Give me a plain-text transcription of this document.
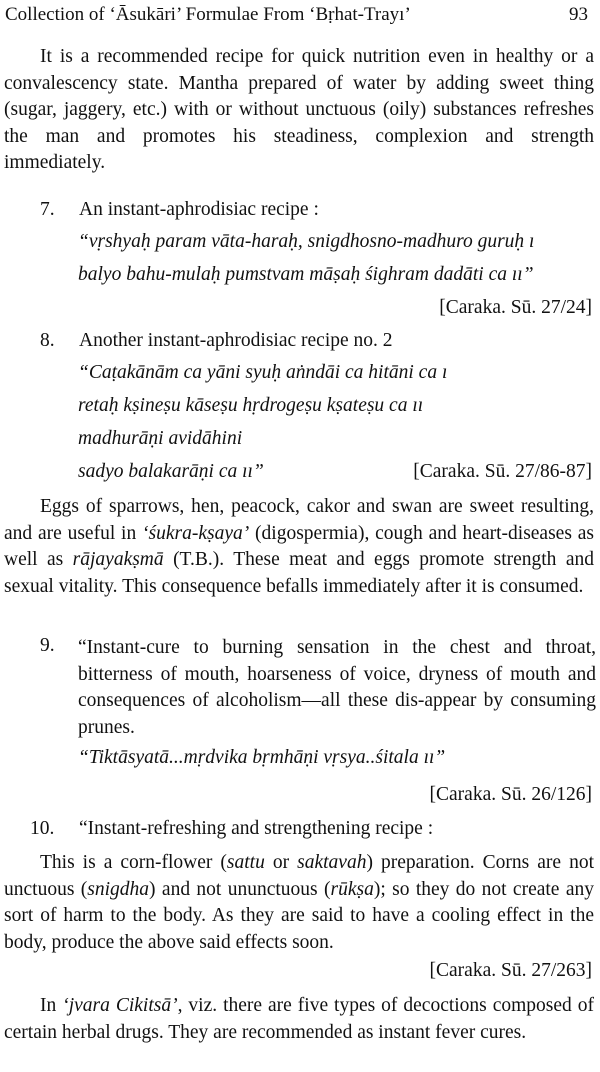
Collection of ‘Āsukāri’ Formulae From ‘Bṛhat-Trayı’	93

It is a recommended recipe for quick nutrition even in healthy or a convalescency state. Mantha prepared of water by adding sweet thing (sugar, jaggery, etc.) with or without unctuous (oily) substances refreshes the man and promotes his steadiness, complexion and strength immediately.

7. An instant-aphrodisiac recipe :
“vṛshyaḥ param vāta-haraḥ, snigdhosno-madhuro guruḥ ı
balyo bahu-mulaḥ pumstvam māṣaḥ śighram dadāti ca ıı”
[Caraka. Sū. 27/24]
8. Another instant-aphrodisiac recipe no. 2
“Caṭakānām ca yāni syuḥ aṅndāi ca hitāni ca ı
retaḥ kṣineṣu kāseṣu hṛdrogeṣu kṣateṣu ca ıı
madhurāṇi avidāhini
sadyo balakarāṇi ca ıı”	[Caraka. Sū. 27/86-87]

Eggs of sparrows, hen, peacock, cakor and swan are sweet resulting, and are useful in ‘śukra-kṣaya’ (digospermia), cough and heart-diseases as well as rājayakṣmā (T.B.). These meat and eggs promote strength and sexual vitality. This consequence befalls immediately after it is consumed.

9. “Instant-cure to burning sensation in the chest and throat, bitterness of mouth, hoarseness of voice, dryness of mouth and consequences of alcoholism—all these dis-appear by consuming prunes.

“Tiktāsyatā...mṛdvika bṛmhāṇi vṛsya..śitala ıı”
[Caraka. Sū. 26/126]
10. “Instant-refreshing and strengthening recipe :

This is a corn-flower (sattu or saktavah) preparation. Corns are not unctuous (snigdha) and not ununctuous (rūkṣa); so they do not create any sort of harm to the body. As they are said to have a cooling effect in the body, produce the above said effects soon.

[Caraka. Sū. 27/263]

In ‘jvara Cikitsā’, viz. there are five types of decoctions composed of certain herbal drugs. They are recommended as instant fever cures.
